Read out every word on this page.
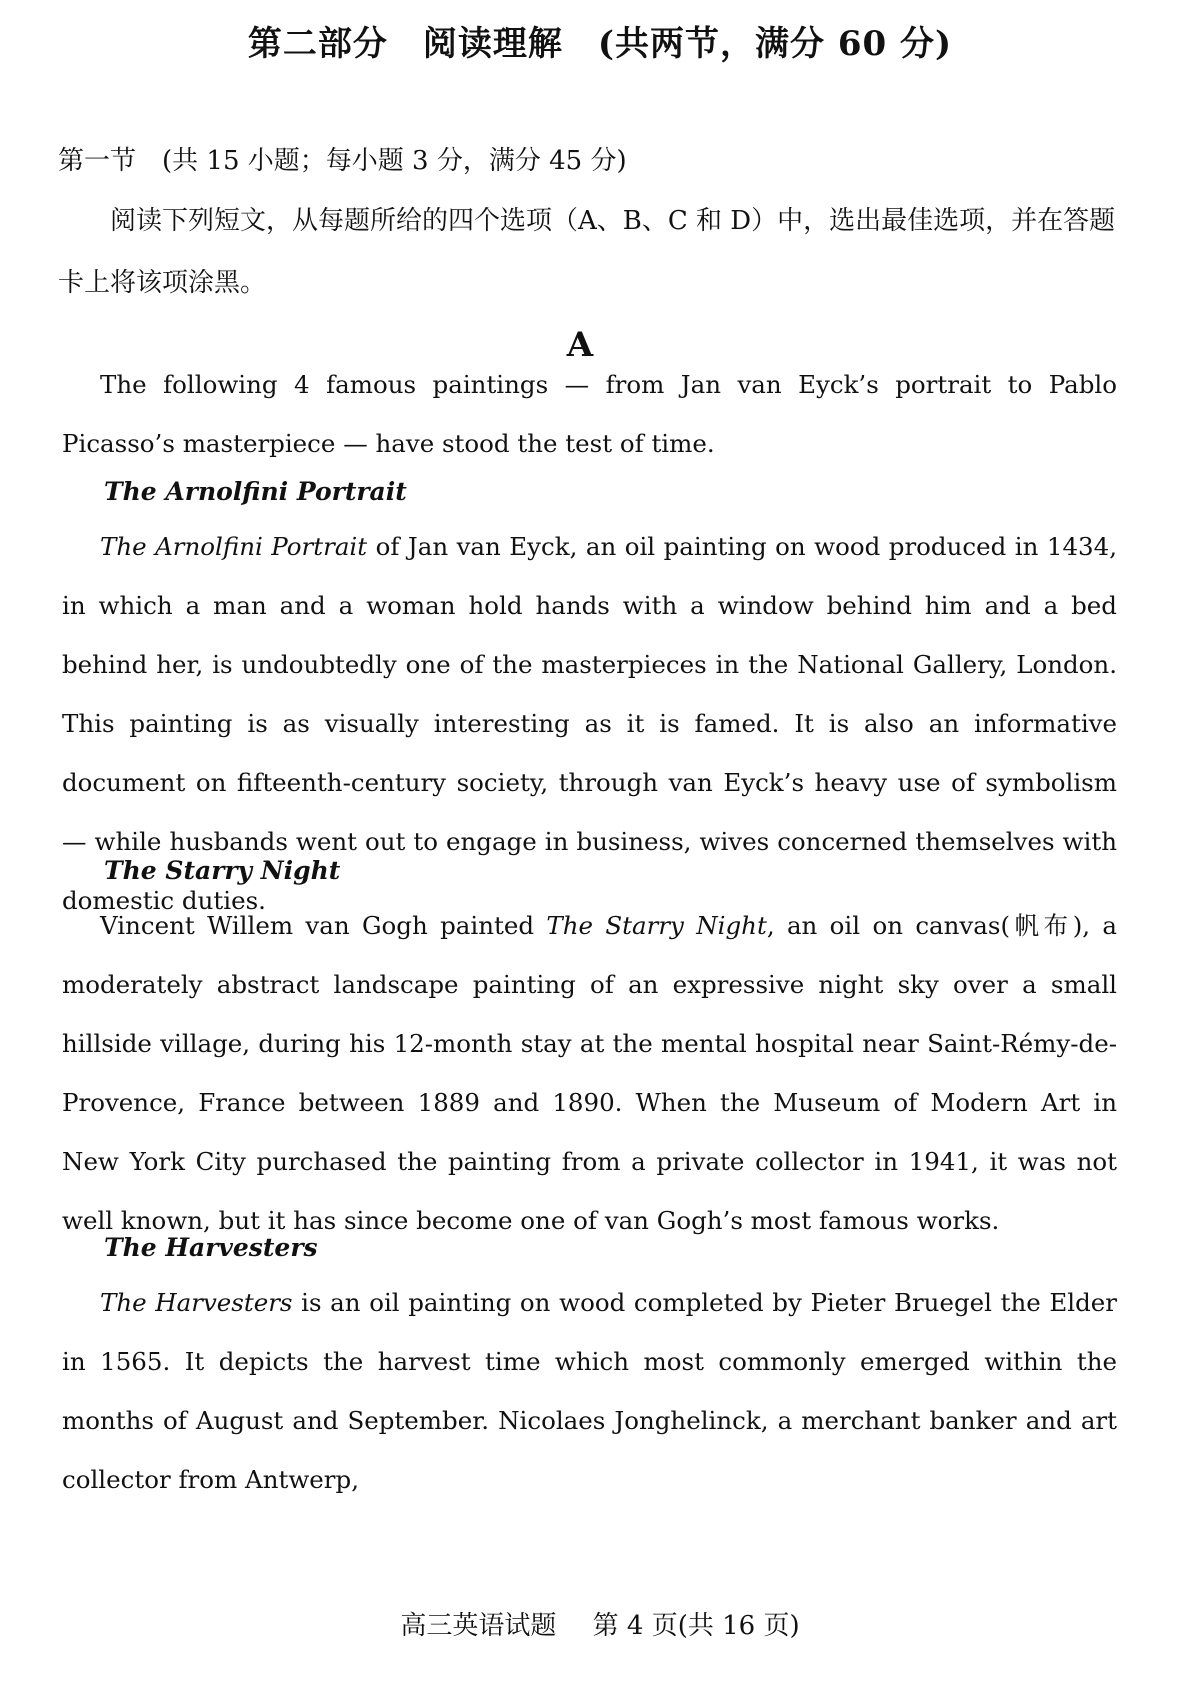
第二部分　阅读理解　(共两节，满分 60 分)
第一节　(共 15 小题；每小题 3 分，满分 45 分)
阅读下列短文，从每题所给的四个选项（A、B、C 和 D）中，选出最佳选项，并在答题卡上将该项涂黑。
A
The following 4 famous paintings — from Jan van Eyck’s portrait to Pablo Picasso’s masterpiece — have stood the test of time.
The Arnolfini Portrait
The Arnolfini Portrait of Jan van Eyck, an oil painting on wood produced in 1434, in which a man and a woman hold hands with a window behind him and a bed behind her, is undoubtedly one of the masterpieces in the National Gallery, London. This painting is as visually interesting as it is famed. It is also an informative document on fifteenth-century society, through van Eyck’s heavy use of symbolism — while husbands went out to engage in business, wives concerned themselves with domestic duties.
The Starry Night
Vincent Willem van Gogh painted The Starry Night, an oil on canvas(帆布), a moderately abstract landscape painting of an expressive night sky over a small hillside village, during his 12-month stay at the mental hospital near Saint-Rémy-de-Provence, France between 1889 and 1890. When the Museum of Modern Art in New York City purchased the painting from a private collector in 1941, it was not well known, but it has since become one of van Gogh’s most famous works.
The Harvesters
The Harvesters is an oil painting on wood completed by Pieter Bruegel the Elder in 1565. It depicts the harvest time which most commonly emerged within the months of August and September. Nicolaes Jonghelinck, a merchant banker and art collector from Antwerp,
高三英语试题 第 4 页(共 16 页)
